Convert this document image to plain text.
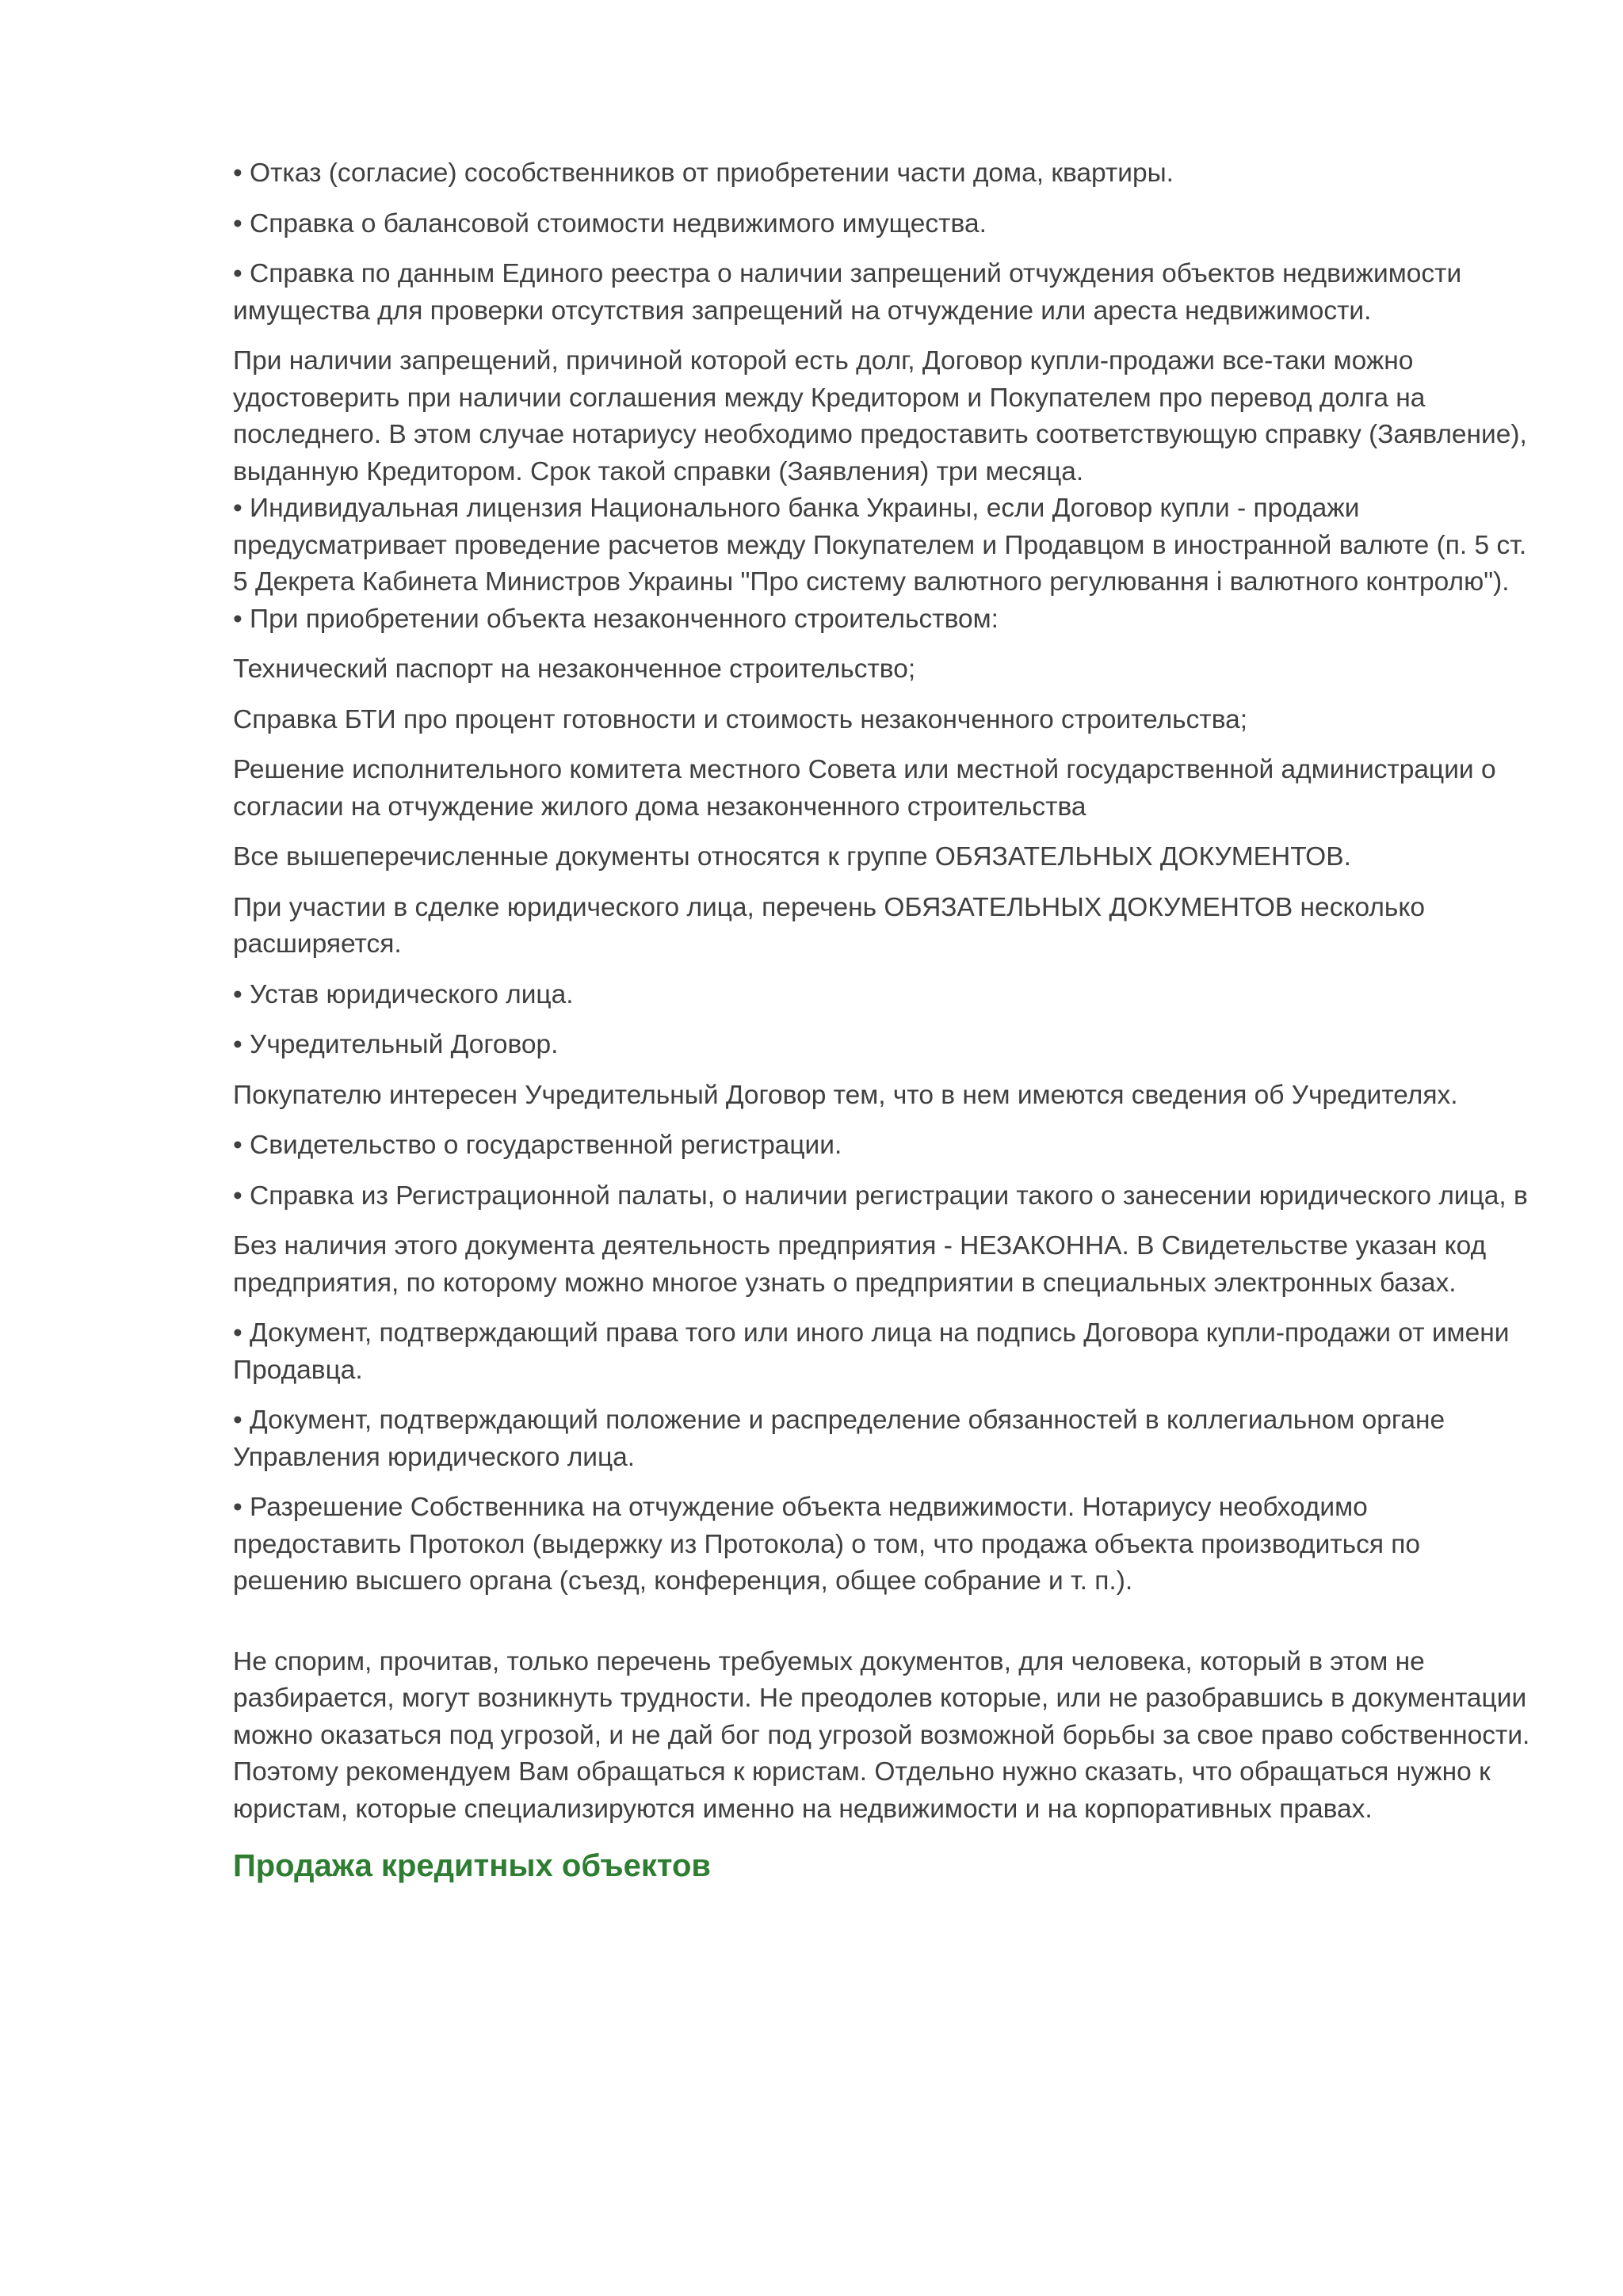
• Отказ (согласие) сособственников от приобретении части дома, квартиры.

• Справка о балансовой стоимости недвижимого имущества.

• Справка по данным Единого реестра о наличии запрещений отчуждения объектов недвижимости имущества для проверки отсутствия запрещений на отчуждение или ареста недвижимости.

При наличии запрещений, причиной которой есть долг, Договор купли-продажи все-таки можно удостоверить при наличии соглашения между Кредитором и Покупателем про перевод долга на последнего. В этом случае нотариусу необходимо предоставить соответствующую справку (Заявление), выданную Кредитором. Срок такой справки (Заявления) три месяца.

• Индивидуальная лицензия Национального банка Украины, если Договор купли - продажи предусматривает проведение расчетов между Покупателем и Продавцом в иностранной валюте (п. 5 ст. 5 Декрета Кабинета Министров Украины "Про систему валютного регулювання і валютного контролю").

• При приобретении объекта незаконченного строительством:

Технический паспорт на незаконченное строительство;

Справка БТИ про процент готовности и стоимость незаконченного строительства;

Решение исполнительного комитета местного Совета или местной государственной администрации о согласии на отчуждение жилого дома незаконченного строительства

Все вышеперечисленные документы относятся к группе ОБЯЗАТЕЛЬНЫХ ДОКУМЕНТОВ.

При участии в сделке юридического лица, перечень ОБЯЗАТЕЛЬНЫХ ДОКУМЕНТОВ несколько расширяется.

• Устав юридического лица.

• Учредительный Договор.

Покупателю интересен Учредительный Договор тем, что в нем имеются сведения об Учредителях.

• Свидетельство о государственной регистрации.

• Справка из Регистрационной палаты, о наличии регистрации такого о занесении юридического лица, в

Без наличия этого документа деятельность предприятия - НЕЗАКОННА. В Свидетельстве указан код предприятия, по которому можно многое узнать о предприятии в специальных электронных базах.

• Документ, подтверждающий права того или иного лица на подпись Договора купли-продажи от имени Продавца.

• Документ, подтверждающий положение и распределение обязанностей в коллегиальном органе Управления юридического лица.

• Разрешение Собственника на отчуждение объекта недвижимости. Нотариусу необходимо предоставить Протокол (выдержку из Протокола) о том, что продажа объекта производиться по решению высшего органа (съезд, конференция, общее собрание и т. п.).

Не спорим, прочитав, только перечень требуемых документов, для человека, который в этом не разбирается, могут возникнуть трудности. Не преодолев которые, или не разобравшись в документации можно оказаться под угрозой, и не дай бог под угрозой возможной борьбы за свое право собственности. Поэтому рекомендуем Вам обращаться к юристам. Отдельно нужно сказать, что обращаться нужно к юристам, которые специализируются именно на недвижимости и на корпоративных правах.

Продажа кредитных объектов
